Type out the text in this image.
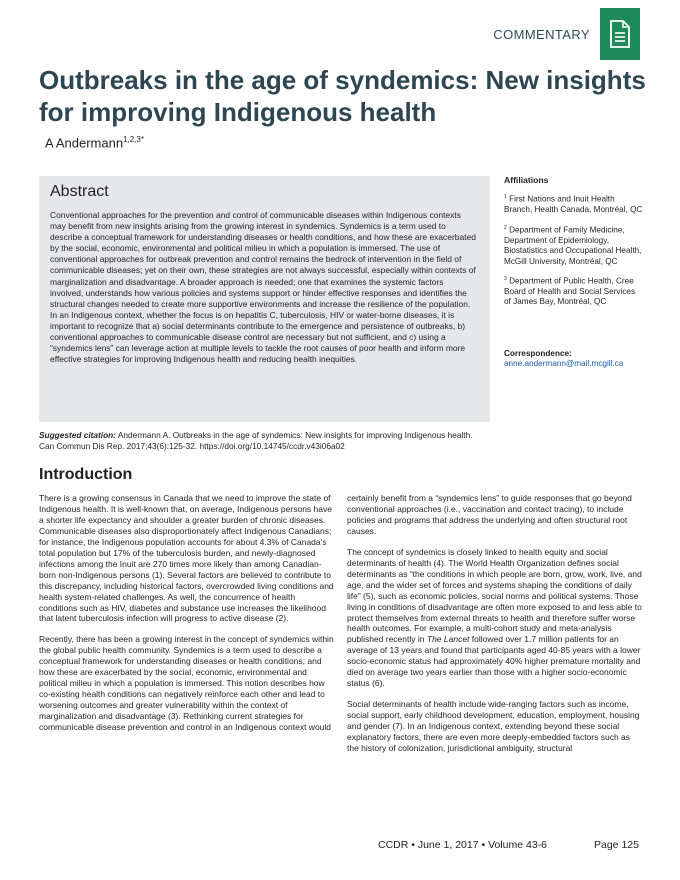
COMMENTARY
Outbreaks in the age of syndemics: New insights for improving Indigenous health
A Andermann$^{1,2,3*}$
Abstract

Conventional approaches for the prevention and control of communicable diseases within Indigenous contexts may benefit from new insights arising from the growing interest in syndemics. Syndemics is a term used to describe a conceptual framework for understanding diseases or health conditions, and how these are exacerbated by the social, economic, environmental and political milieu in which a population is immersed. The use of conventional approaches for outbreak prevention and control remains the bedrock of intervention in the field of communicable diseases; yet on their own, these strategies are not always successful, especially within contexts of marginalization and disadvantage. A broader approach is needed; one that examines the systemic factors involved, understands how various policies and systems support or hinder effective responses and identifies the structural changes needed to create more supportive environments and increase the resilience of the population. In an Indigenous context, whether the focus is on hepatitis C, tuberculosis, HIV or water-borne diseases, it is important to recognize that a) social determinants contribute to the emergence and persistence of outbreaks, b) conventional approaches to communicable disease control are necessary but not sufficient, and c) using a “syndemics lens” can leverage action at multiple levels to tackle the root causes of poor health and inform more effective strategies for improving Indigenous health and reducing health inequities.

Affiliations
$^1$ First Nations and Inuit Health Branch, Health Canada, Montréal, QC
$^2$ Department of Family Medicine, Department of Epidemiology, Biostatistics and Occupational Health, McGill University, Montréal, QC
$^3$ Department of Public Health, Cree Board of Health and Social Services of James Bay, Montréal, QC
Correspondence: anne.andermann@mail.mcgill.ca
Suggested citation: Andermann A. Outbreaks in the age of syndemics: New insights for improving Indigenous health. Can Commun Dis Rep. 2017;43(6):125-32. https://doi.org/10.14745/ccdr.v43i06a02
Introduction

There is a growing consensus in Canada that we need to improve the state of Indigenous health. It is well-known that, on average, Indigenous persons have a shorter life expectancy and shoulder a greater burden of chronic diseases. Communicable diseases also disproportionately affect Indigenous Canadians; for instance, the Indigenous population accounts for about 4.3% of Canada’s total population but 17% of the tuberculosis burden, and newly-diagnosed infections among the Inuit are 270 times more likely than among Canadian-born non-Indigenous persons (1). Several factors are believed to contribute to this discrepancy, including historical factors, overcrowded living conditions and health system-related challenges. As well, the concurrence of health conditions such as HIV, diabetes and substance use increases the likelihood that latent tuberculosis infection will progress to active disease (2).

Recently, there has been a growing interest in the concept of syndemics within the global public health community. Syndemics is a term used to describe a conceptual framework for understanding diseases or health conditions, and how these are exacerbated by the social, economic, environmental and political milieu in which a population is immersed. This notion describes how co-existing health conditions can negatively reinforce each other and lead to worsening outcomes and greater vulnerability within the context of marginalization and disadvantage (3). Rethinking current strategies for communicable disease prevention and control in an Indigenous context would

certainly benefit from a “syndemics lens” to guide responses that go beyond conventional approaches (i.e., vaccination and contact tracing), to include policies and programs that address the underlying and often structural root causes.

The concept of syndemics is closely linked to health equity and social determinants of health (4). The World Health Organization defines social determinants as “the conditions in which people are born, grow, work, live, and age, and the wider set of forces and systems shaping the conditions of daily life” (5), such as economic policies, social norms and political systems. Those living in conditions of disadvantage are often more exposed to and less able to protect themselves from external threats to health and therefore suffer worse health outcomes. For example, a multi-cohort study and meta-analysis published recently in The Lancet followed over 1.7 million patients for an average of 13 years and found that participants aged 40-85 years with a lower socio-economic status had approximately 40% higher premature mortality and died on average two years earlier than those with a higher socio-economic status (6).

Social determinants of health include wide-ranging factors such as income, social support, early childhood development, education, employment, housing and gender (7). In an Indigenous context, extending beyond these social explanatory factors, there are even more deeply-embedded factors such as the history of colonization, jurisdictional ambiguity, structural

CCDR • June 1, 2017 • Volume 43-6	Page 125
